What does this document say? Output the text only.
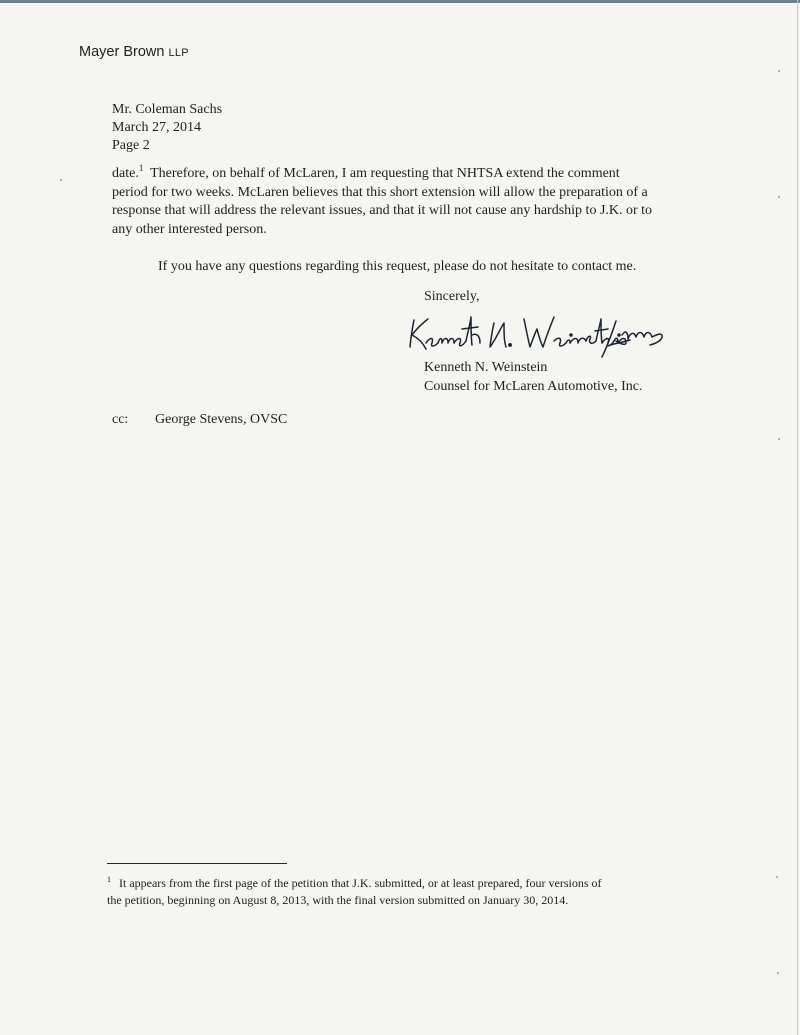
Mayer Brown LLP
Mr. Coleman Sachs
March 27, 2014
Page 2

date.$^1$ Therefore, on behalf of McLaren, I am requesting that NHTSA extend the comment

period for two weeks. McLaren believes that this short extension will allow the preparation of a

response that will address the relevant issues, and that it will not cause any hardship to J.K. or to

any other interested person.

If you have any questions regarding this request, please do not hesitate to contact me.
Sincerely,
Kenneth N. Weinstein
Counsel for McLaren Automotive, Inc.
cc: George Stevens, OVSC

$^1$ It appears from the first page of the petition that J.K. submitted, or at least prepared, four versions of

the petition, beginning on August 8, 2013, with the final version submitted on January 30, 2014.
